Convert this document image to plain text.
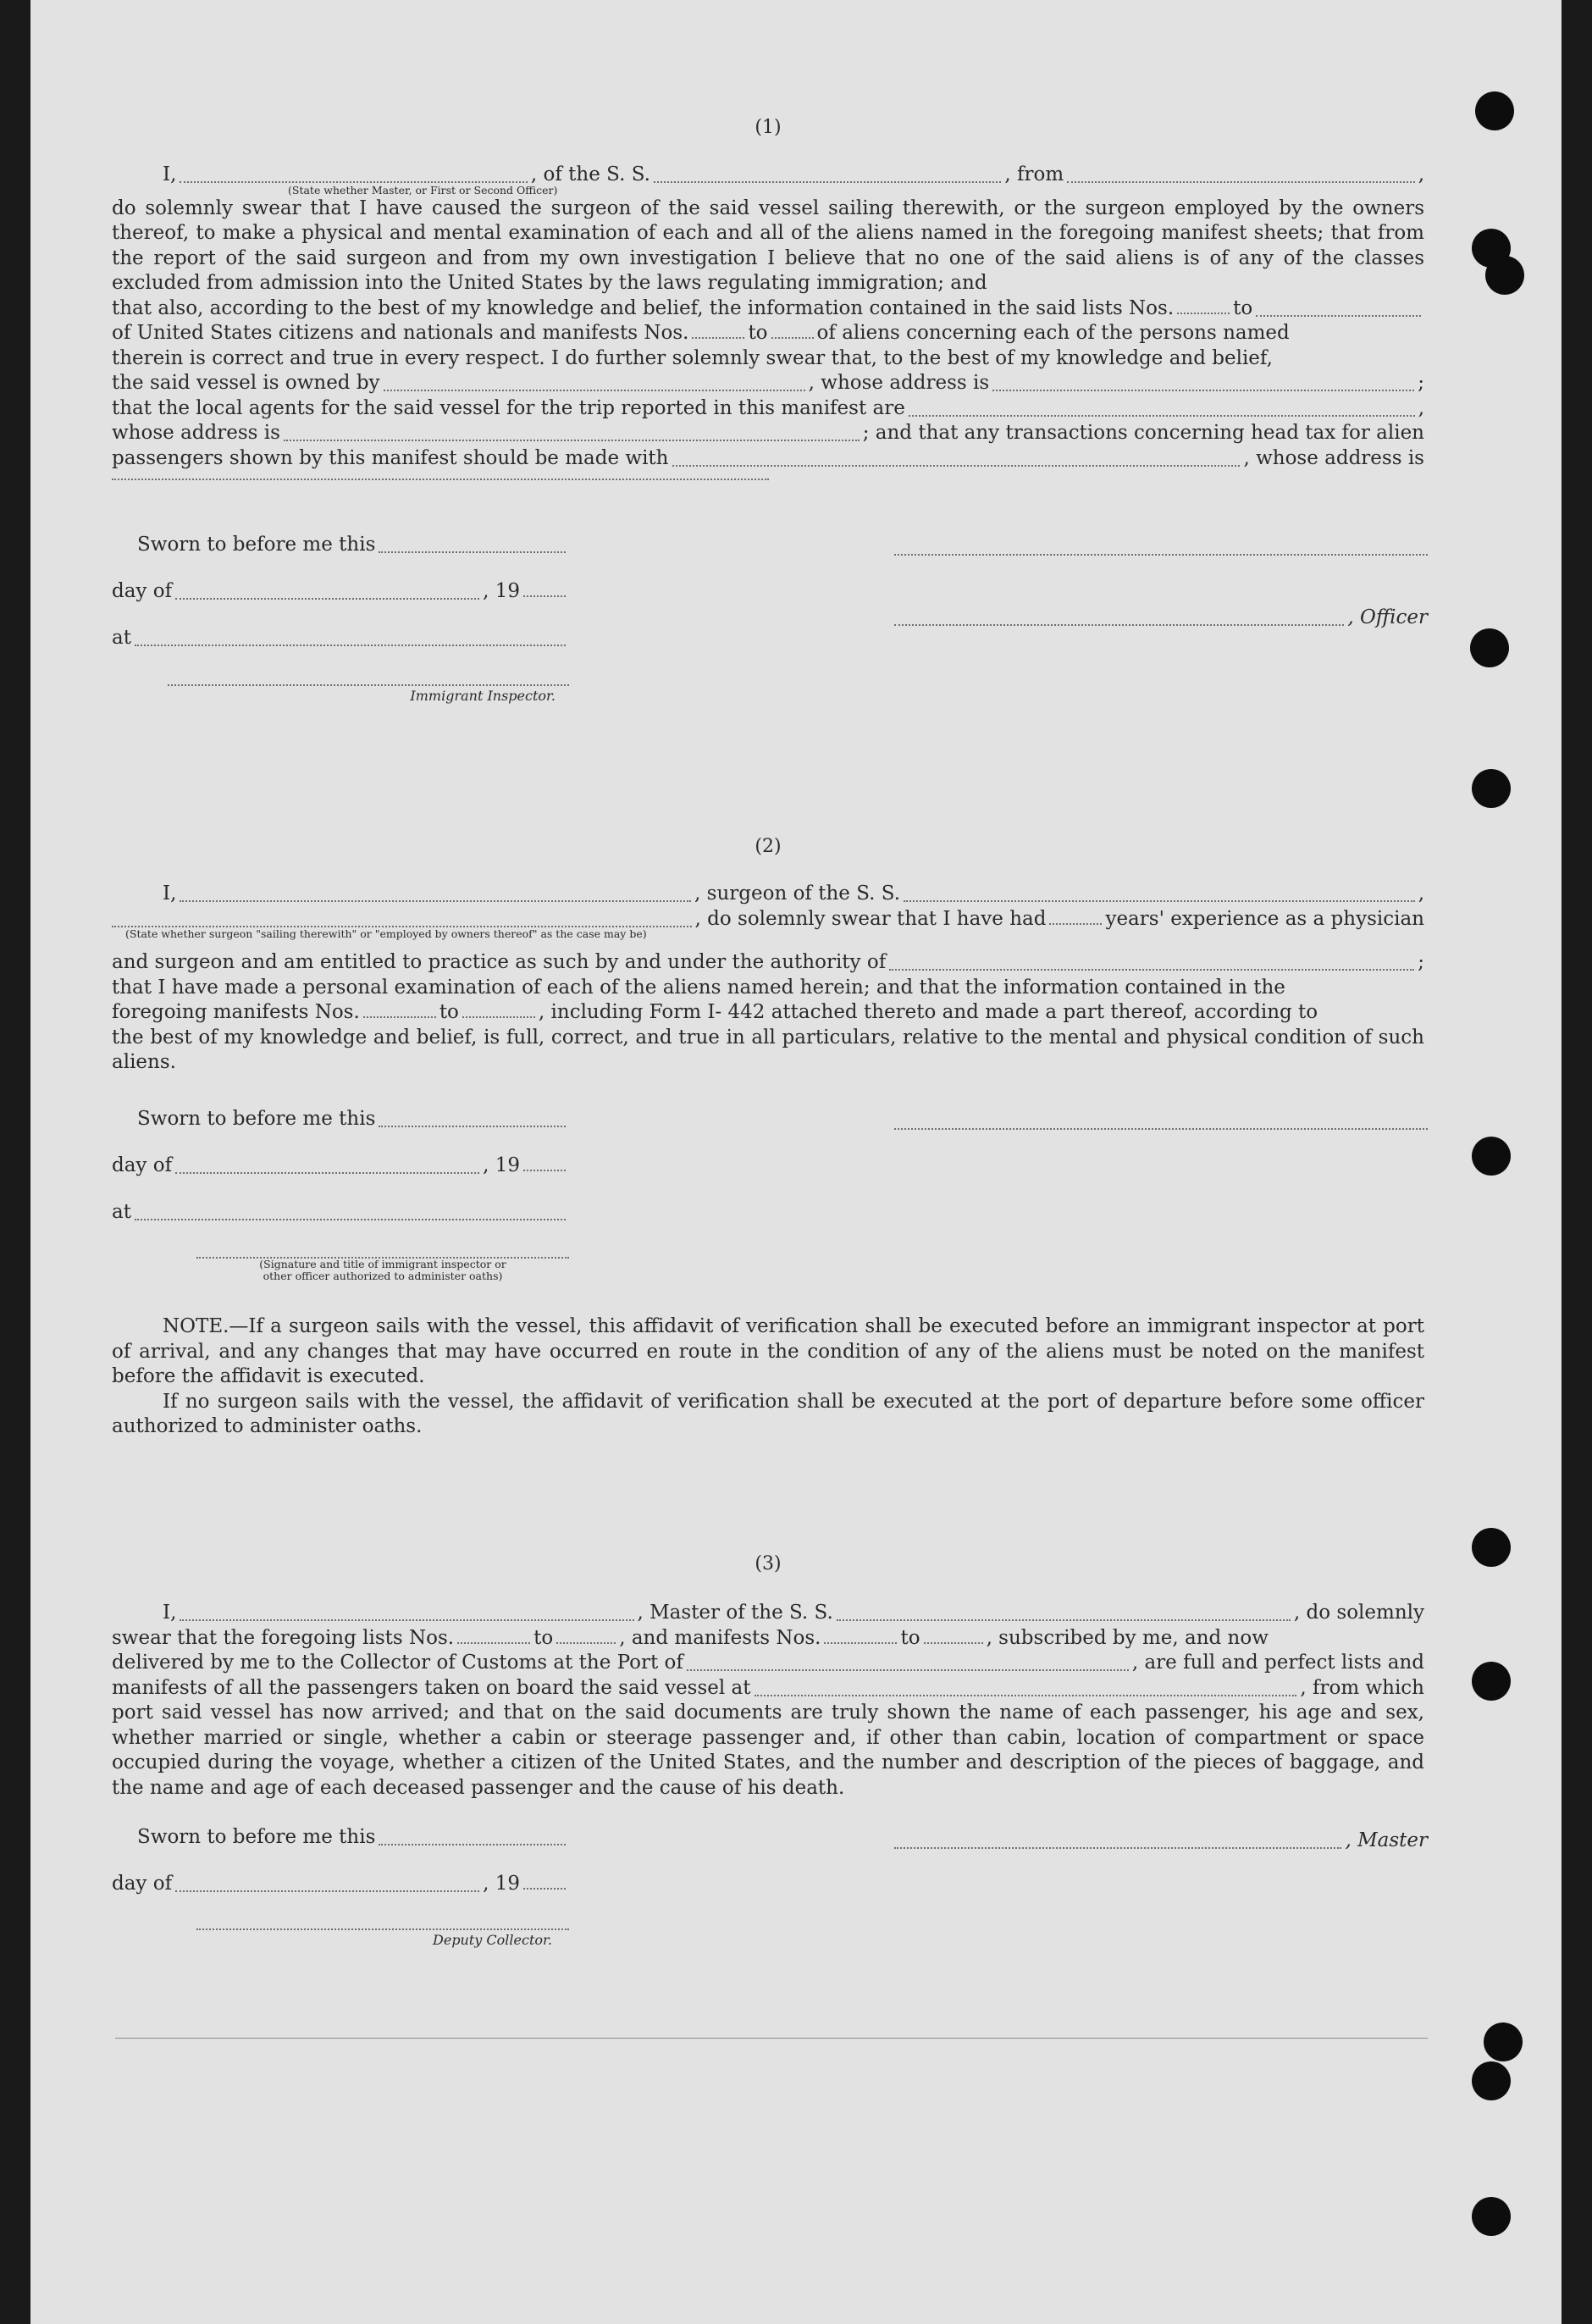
(1)
I,	, of the S. S.	, from	,
(State whether Master, or First or Second Officer)
do solemnly swear that I have caused the surgeon of the said vessel sailing therewith, or the surgeon employed by the owners thereof, to make a physical and mental examination of each and all of the aliens named in the foregoing manifest sheets; that from the report of the said surgeon and from my own investigation I believe that no one of the said aliens is of any of the classes excluded from admission into the United States by the laws regulating immigration; and
that also, according to the best of my knowledge and belief, the information contained in the said lists Nos.	to
of United States citizens and nationals and manifests Nos.	to	of aliens concerning each of the persons named
therein is correct and true in every respect. I do further solemnly swear that, to the best of my knowledge and belief,
the said vessel is owned by	, whose address is	;
that the local agents for the said vessel for the trip reported in this manifest are	,
whose address is	; and that any transactions concerning head tax for alien
passengers shown by this manifest should be made with	, whose address is
Sworn to before me this
day of	, 19
at
Immigrant Inspector.
, Officer
(2)
I,	, surgeon of the S. S.	,
, do solemnly swear that I have had	years' experience as a physician
(State whether surgeon "sailing therewith" or "employed by owners thereof" as the case may be)
and surgeon and am entitled to practice as such by and under the authority of	;
that I have made a personal examination of each of the aliens named herein; and that the information contained in the
foregoing manifests Nos.	to	, including Form I- 442 attached thereto and made a part thereof, according to
the best of my knowledge and belief, is full, correct, and true in all particulars, relative to the mental and physical condition of such aliens.
Sworn to before me this
day of	, 19
at
(Signature and title of immigrant inspector or
other officer authorized to administer oaths)

NOTE.—If a surgeon sails with the vessel, this affidavit of verification shall be executed before an immigrant inspector at port of arrival, and any changes that may have occurred en route in the condition of any of the aliens must be noted on the manifest before the affidavit is executed.

If no surgeon sails with the vessel, the affidavit of verification shall be executed at the port of departure before some officer authorized to administer oaths.

(3)
I,	, Master of the S. S.	, do solemnly
swear that the foregoing lists Nos.	to	, and manifests Nos.	to	, subscribed by me, and now
delivered by me to the Collector of Customs at the Port of	, are full and perfect lists and
manifests of all the passengers taken on board the said vessel at	, from which
port said vessel has now arrived; and that on the said documents are truly shown the name of each passenger, his age and sex, whether married or single, whether a cabin or steerage passenger and, if other than cabin, location of compartment or space occupied during the voyage, whether a citizen of the United States, and the number and description of the pieces of baggage, and the name and age of each deceased passenger and the cause of his death.
Sworn to before me this
day of	, 19
Deputy Collector.
, Master
